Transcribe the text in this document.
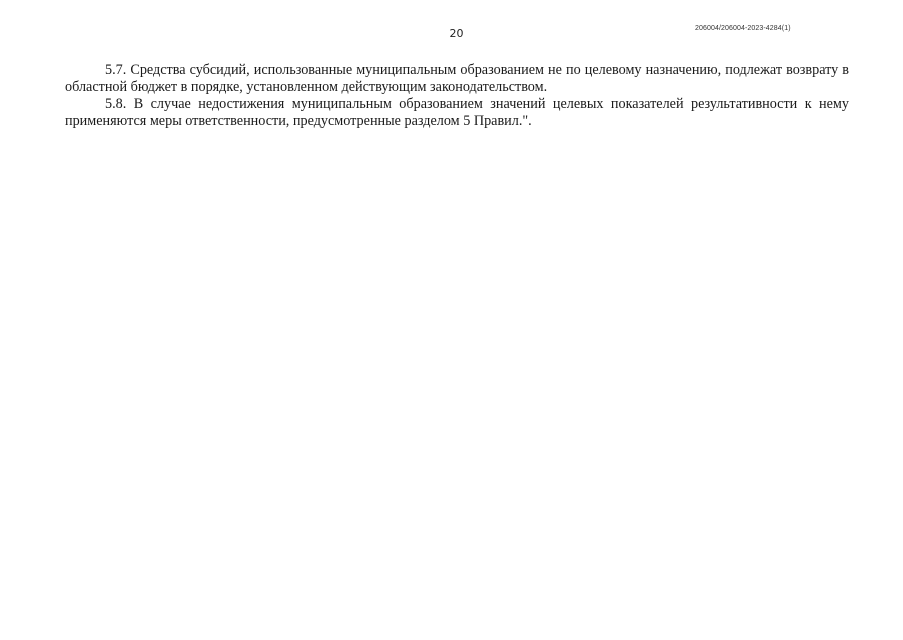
20	206004/206004-2023-4284(1)

5.7. Средства субсидий, использованные муниципальным образованием не по целевому назначению, подлежат возврату в областной бюджет в порядке, установленном действующим законодательством.

5.8. В случае недостижения муниципальным образованием значений целевых показателей результативности к нему применяются меры ответственности, предусмотренные разделом 5 Правил.".
